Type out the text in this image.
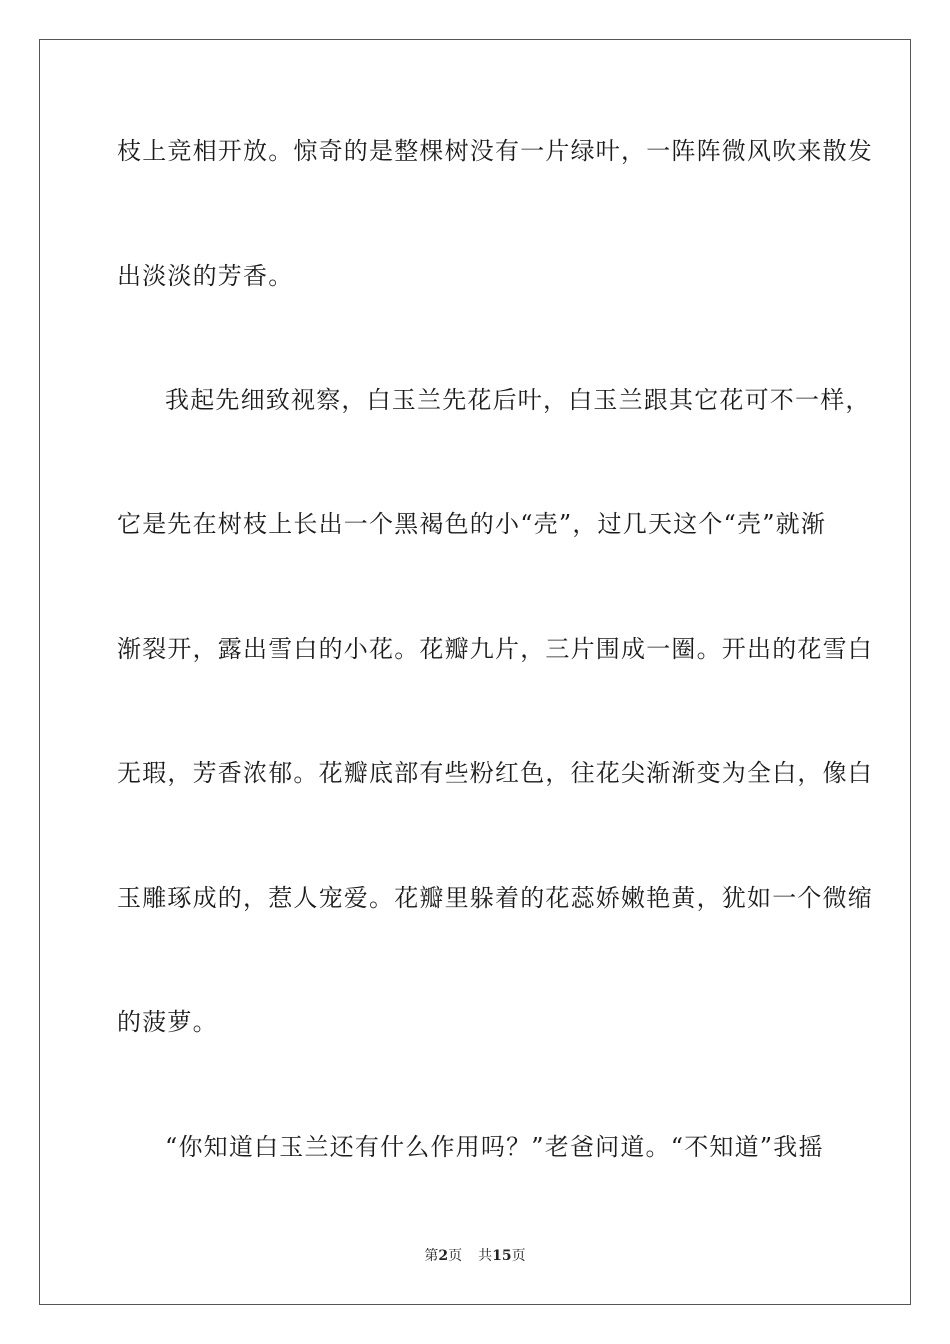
枝上竞相开放。惊奇的是整棵树没有一片绿叶，一阵阵微风吹来散发
出淡淡的芳香。
我起先细致视察，白玉兰先花后叶，白玉兰跟其它花可不一样，
它是先在树枝上长出一个黑褐色的小“壳”，过几天这个“壳”就渐
渐裂开，露出雪白的小花。花瓣九片，三片围成一圈。开出的花雪白
无瑕，芳香浓郁。花瓣底部有些粉红色，往花尖渐渐变为全白，像白
玉雕琢成的，惹人宠爱。花瓣里躲着的花蕊娇嫩艳黄，犹如一个微缩
的菠萝。
“你知道白玉兰还有什么作用吗？”老爸问道。“不知道”我摇
第2页 共15页
